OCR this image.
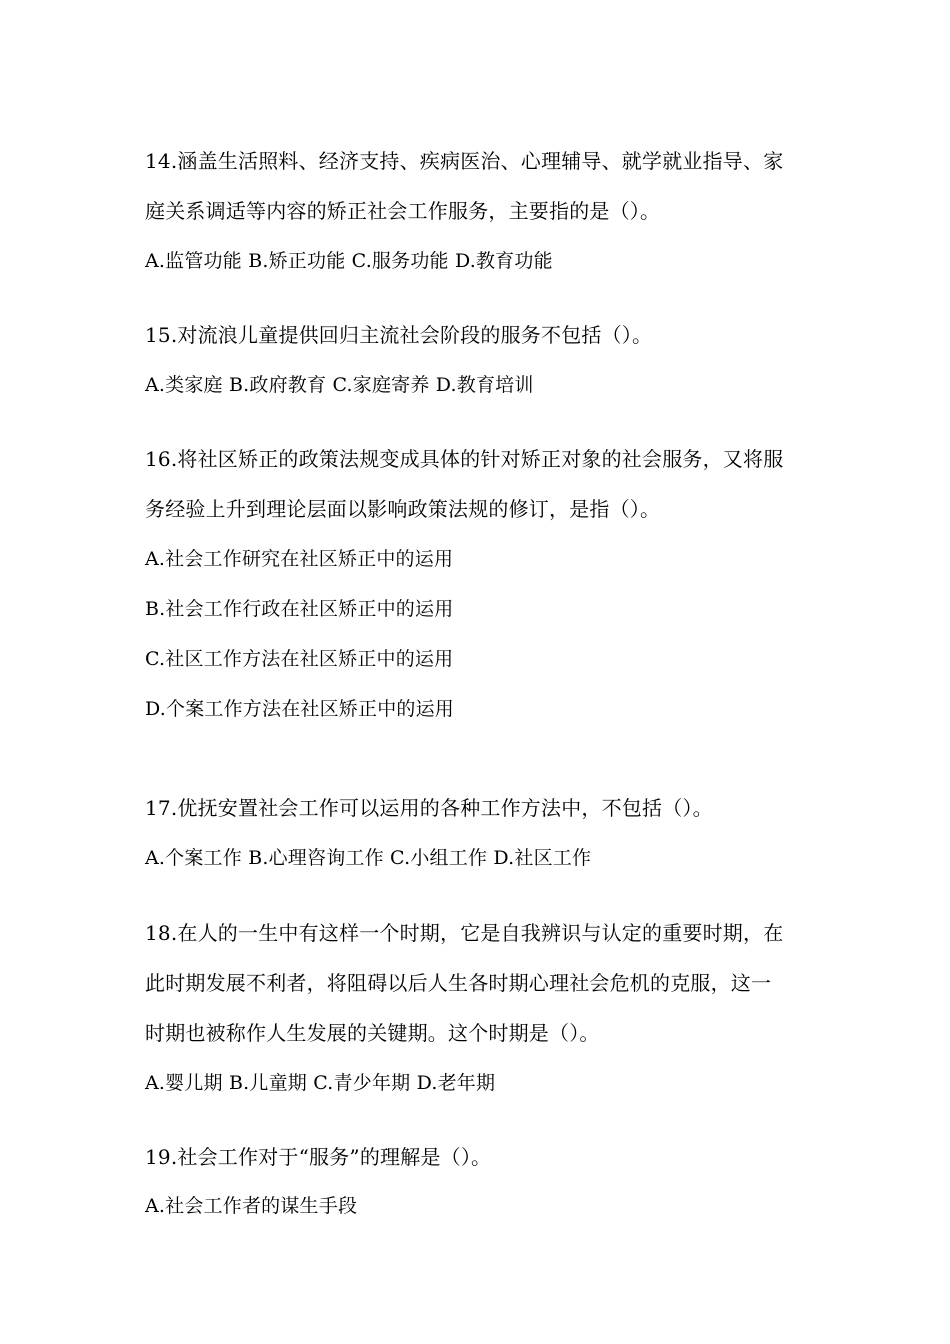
14.涵盖生活照料、经济支持、疾病医治、心理辅导、就学就业指导、家
庭关系调适等内容的矫正社会工作服务，主要指的是（）。
A.监管功能 B.矫正功能 C.服务功能 D.教育功能
15.对流浪儿童提供回归主流社会阶段的服务不包括（）。
A.类家庭 B.政府教育 C.家庭寄养 D.教育培训
16.将社区矫正的政策法规变成具体的针对矫正对象的社会服务，又将服
务经验上升到理论层面以影响政策法规的修订，是指（）。
A.社会工作研究在社区矫正中的运用
B.社会工作行政在社区矫正中的运用
C.社区工作方法在社区矫正中的运用
D.个案工作方法在社区矫正中的运用
17.优抚安置社会工作可以运用的各种工作方法中，不包括（）。
A.个案工作 B.心理咨询工作 C.小组工作 D.社区工作
18.在人的一生中有这样一个时期，它是自我辨识与认定的重要时期，在
此时期发展不利者，将阻碍以后人生各时期心理社会危机的克服，这一
时期也被称作人生发展的关键期。这个时期是（）。
A.婴儿期 B.儿童期 C.青少年期 D.老年期
19.社会工作对于“服务”的理解是（）。
A.社会工作者的谋生手段
